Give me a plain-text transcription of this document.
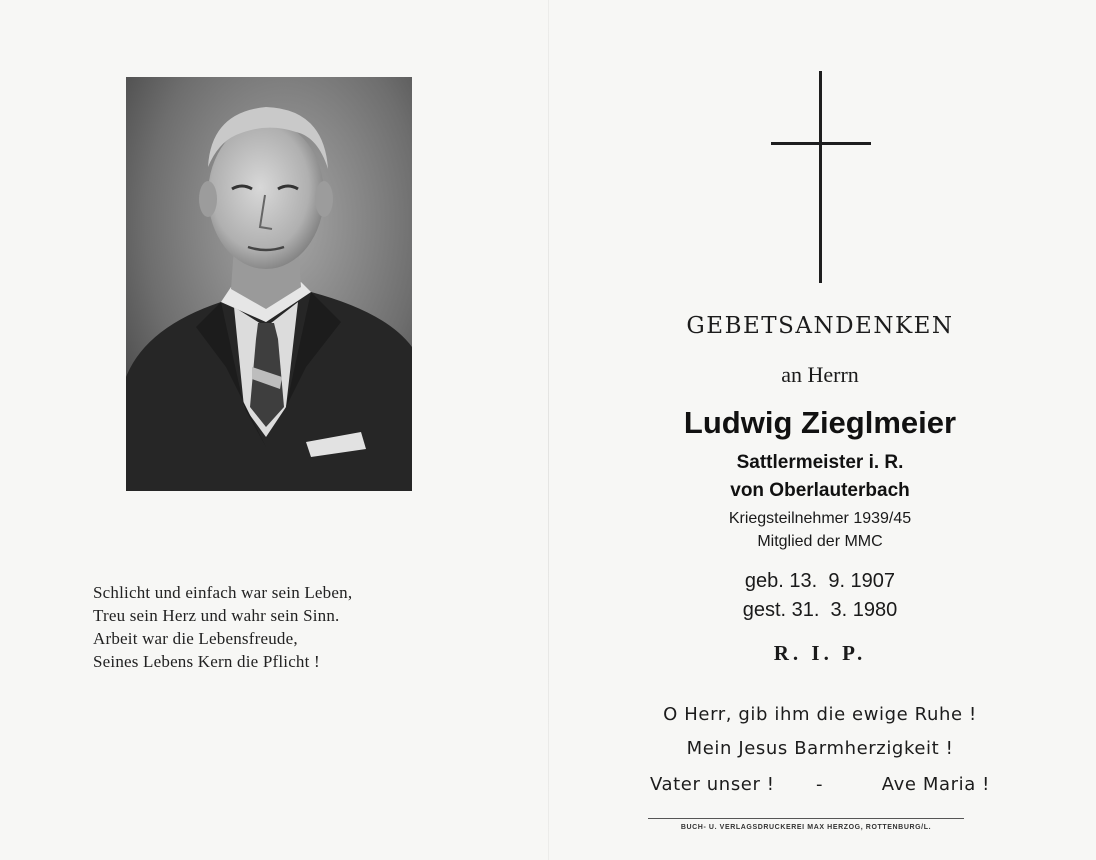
Schlicht und einfach war sein Leben,
Treu sein Herz und wahr sein Sinn.
Arbeit war die Lebensfreude,
Seines Lebens Kern die Pflicht !
GEBETSANDENKEN
an Herrn
Ludwig Zieglmeier
Sattlermeister i. R.
von Oberlauterbach
Kriegsteilnehmer 1939/45
Mitglied der MMC
geb. 13.  9. 1907
gest. 31.  3. 1980
R. I. P.
O Herr, gib ihm die ewige Ruhe !
Mein Jesus Barmherzigkeit !
Vater unser ! -	Ave Maria !
BUCH- U. VERLAGSDRUCKEREI MAX HERZOG, ROTTENBURG/L.
